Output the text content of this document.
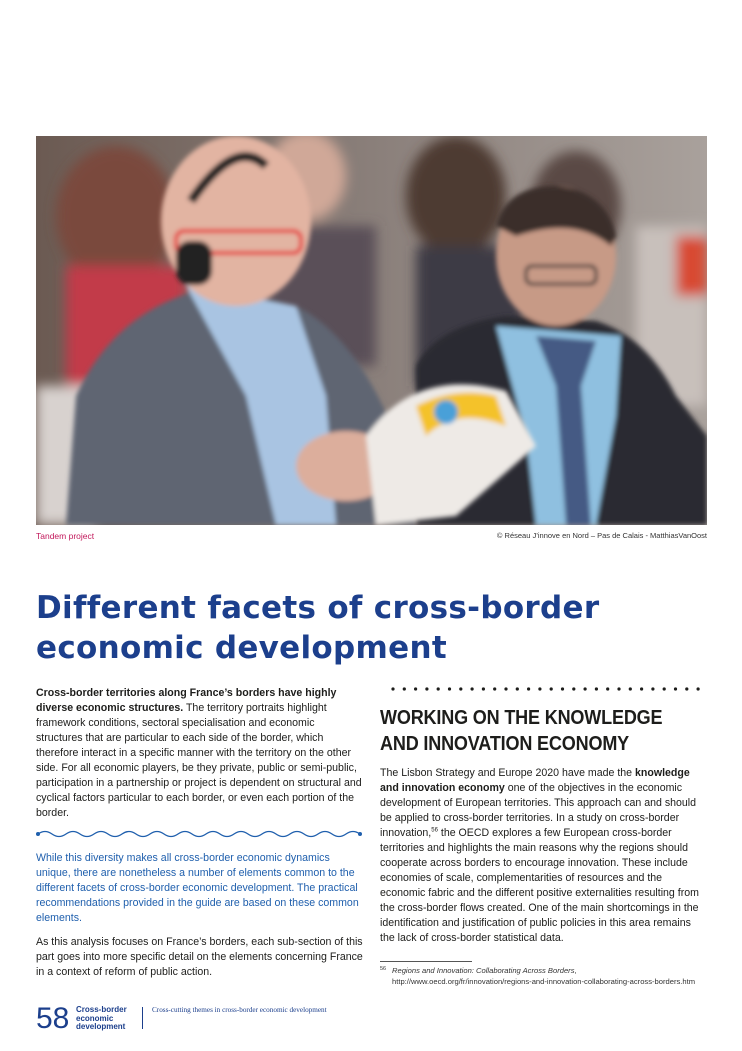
Tandem project	© Réseau J’innove en Nord – Pas de Calais - MatthiasVanOost
Different facets of cross-border
economic development

Cross-border territories along France’s borders have highly diverse economic structures. The territory portraits highlight framework conditions, sectoral specialisation and economic structures that are particular to each side of the border, which therefore interact in a specific manner with the territory on the other side. For all economic players, be they private, public or semi-public, participation in a partnership or project is dependent on structural and cyclical factors particular to each border, or even each portion of the border.

While this diversity makes all cross-border economic dynamics unique, there are nonetheless a number of elements common to the different facets of cross-border economic development. The practical recommendations provided in the guide are based on these common elements.

As this analysis focuses on France’s borders, each sub-section of this part goes into more specific detail on the elements concerning France in a context of reform of public action.

WORKING ON THE KNOWLEDGE
AND INNOVATION ECONOMY

The Lisbon Strategy and Europe 2020 have made the knowledge and innovation economy one of the objectives in the economic development of European territories. This approach can and should be applied to cross-border territories. In a study on cross-border innovation,$^{56}$ the OECD explores a few European cross-border territories and highlights the main reasons why the regions should cooperate across borders to encourage innovation. These include economies of scale, complementarities of resources and the economic fabric and the different positive externalities resulting from the cross-border flows created. One of the main shortcomings in the identification and justification of public policies in this area remains the lack of cross-border statistical data.

56 Regions and Innovation: Collaborating Across Borders, http://www.oecd.org/fr/innovation/regions-and-innovation-collaborating-across-borders.htm
58 Cross-border
economic
development
Cross-cutting themes in cross-border economic development
